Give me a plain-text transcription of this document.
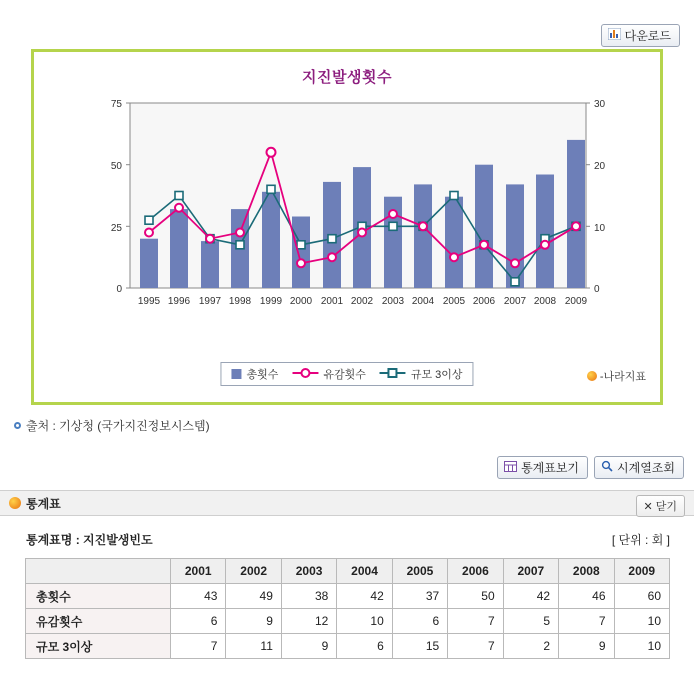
다운로드
지진발생횟수
75
50
25
0
30
20
10
0
1995 1996 1997 1998 1999 2000 2001 2002 2003 2004 2005 2006 2007 2008 2009
총횟수	유감횟수	규모 3이상	-나라지표
출처 : 기상청 (국가지진정보시스템)
통계표보기	시계열조회
통계표	✕ 닫기
통계표명 : 지진발생빈도	[ 단위 : 회 ]
	2001	2002	2003	2004	2005	2006	2007	2008	2009
총횟수	43	49	38	42	37	50	42	46	60
유감횟수	6	9	12	10	6	7	5	7	10
규모 3이상	7	11	9	6	15	7	2	9	10
